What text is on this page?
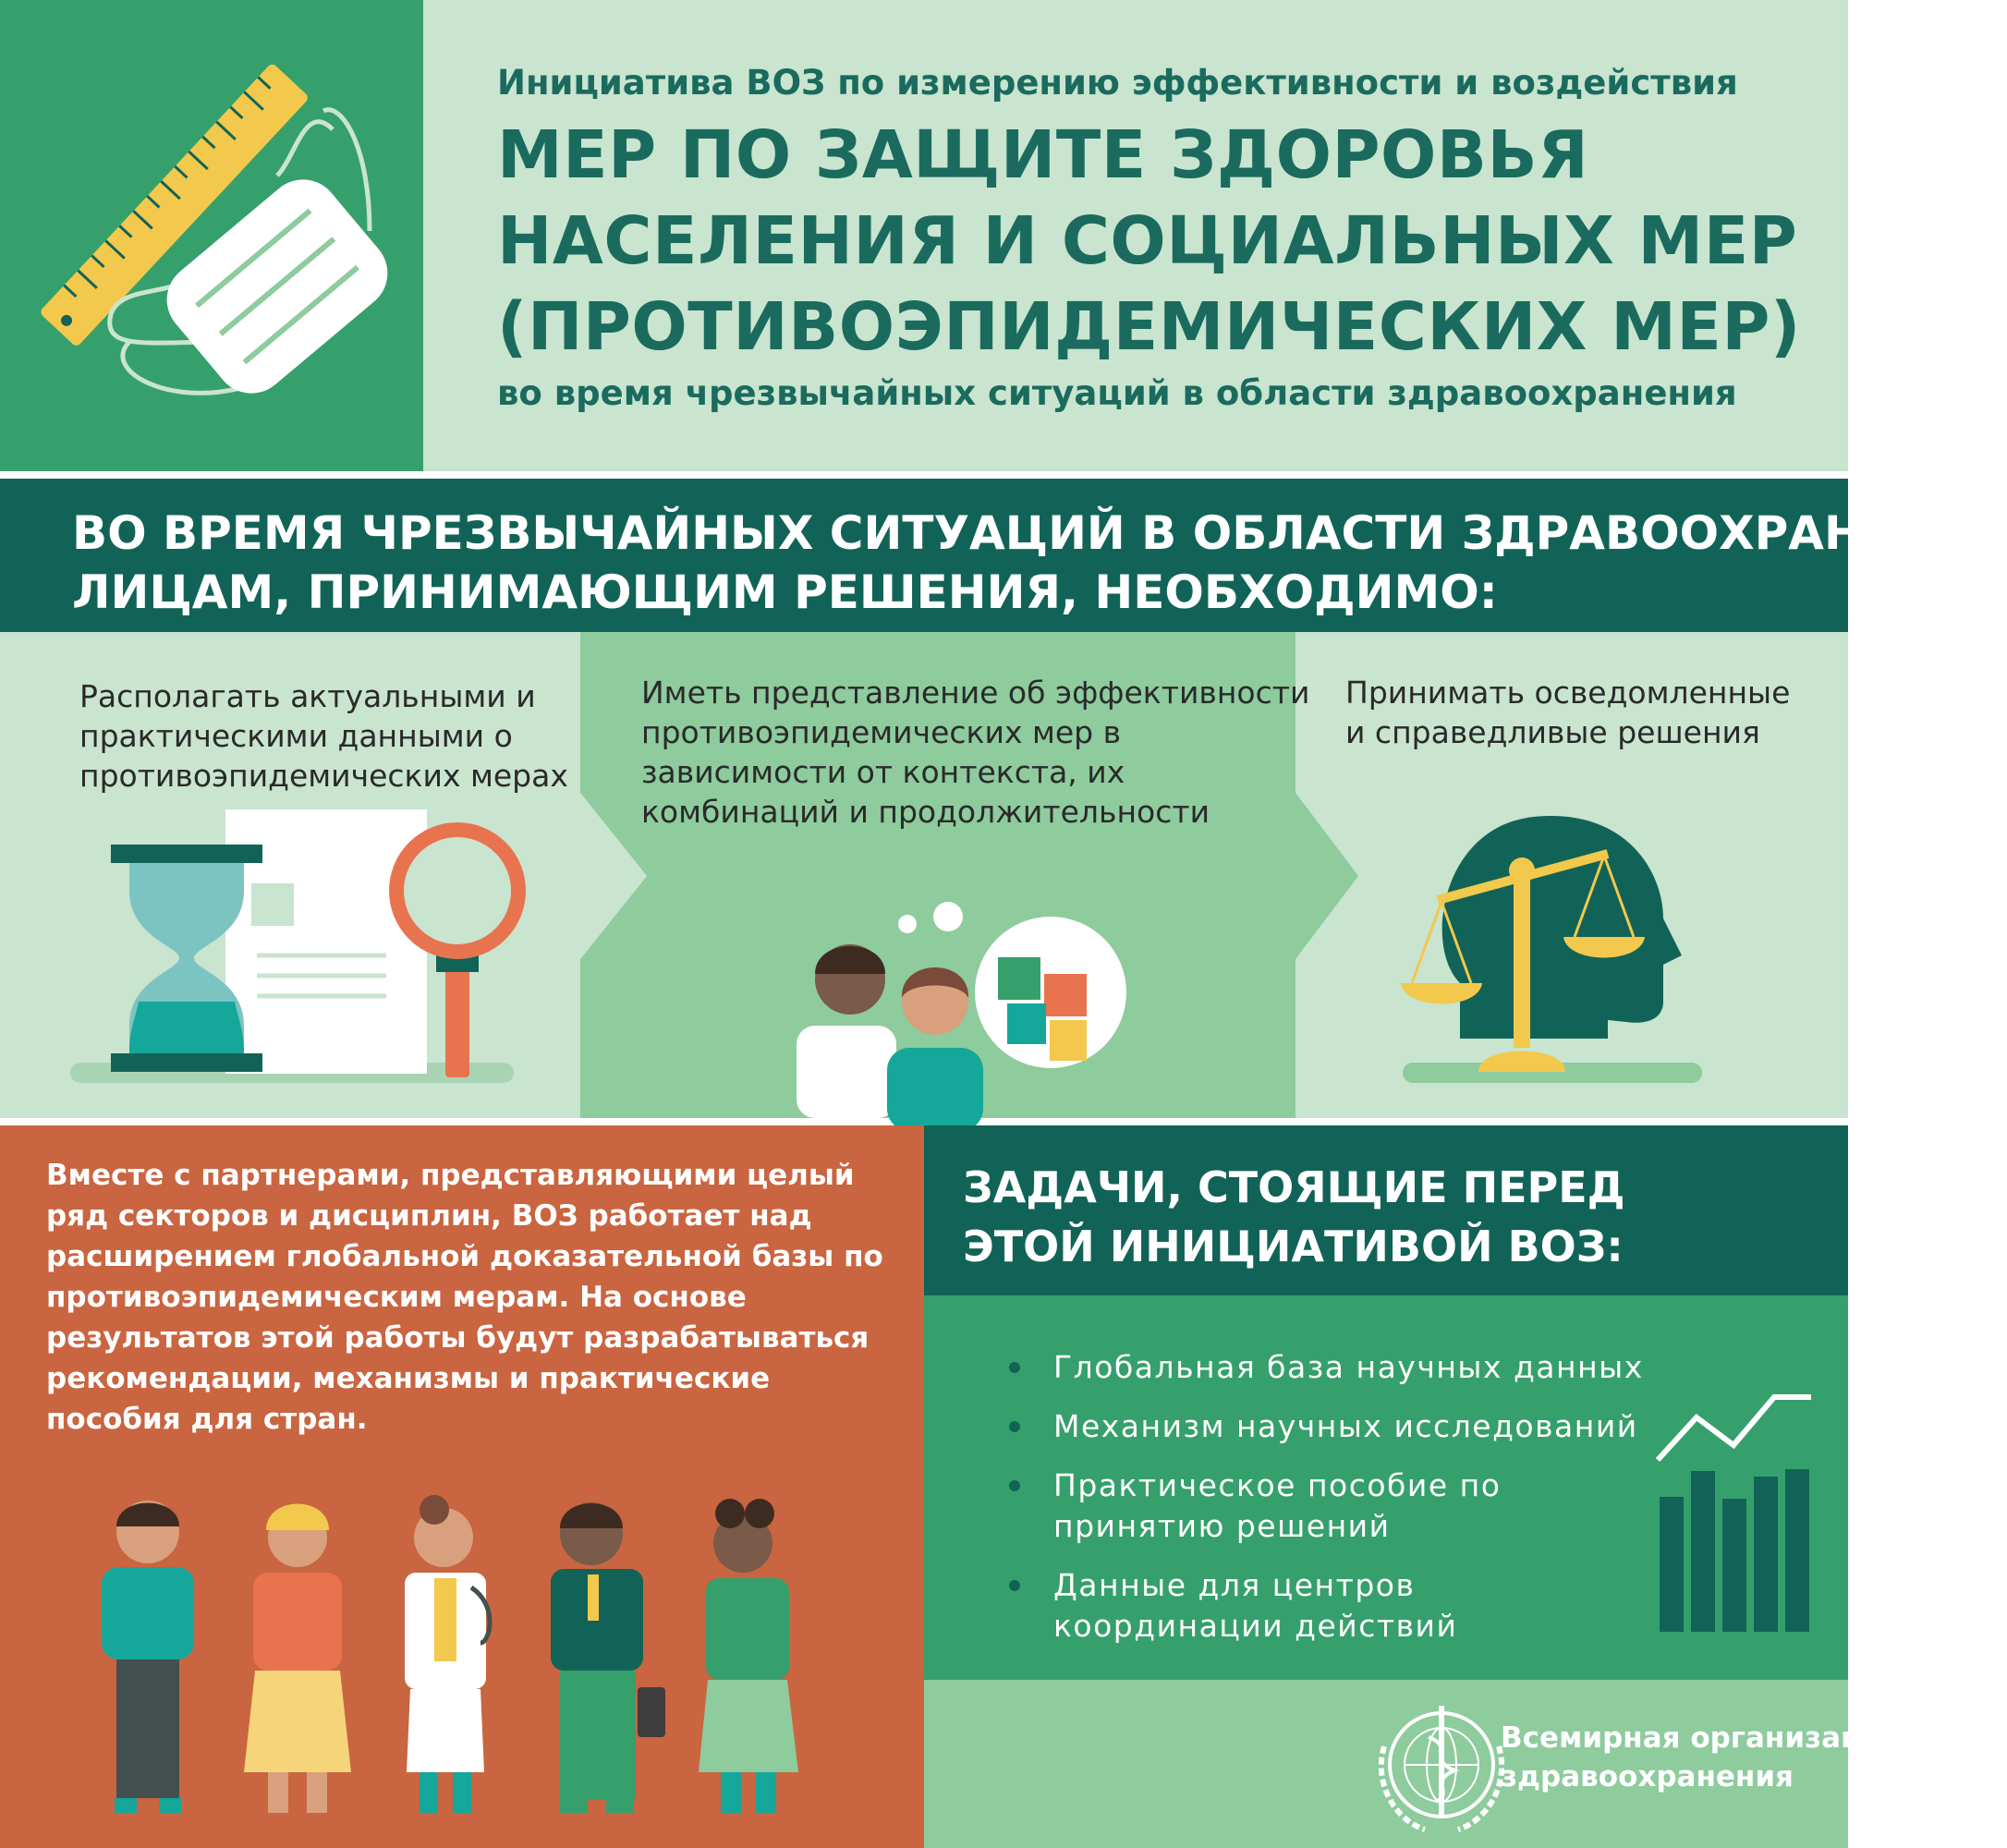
Инициатива ВОЗ по измерению эффективности и воздействия
МЕР ПО ЗАЩИТЕ ЗДОРОВЬЯ
НАСЕЛЕНИЯ И СОЦИАЛЬНЫХ МЕР
(ПРОТИВОЭПИДЕМИЧЕСКИХ МЕР)
во время чрезвычайных ситуаций в области здравоохранения
ВО ВРЕМЯ ЧРЕЗВЫЧАЙНЫХ СИТУАЦИЙ В ОБЛАСТИ ЗДРАВООХРАНЕНИЯ
ЛИЦАМ, ПРИНИМАЮЩИМ РЕШЕНИЯ, НЕОБХОДИМО:
Располагать актуальными и
практическими данными о
противоэпидемических мерах
Иметь представление об эффективности
противоэпидемических мер в
зависимости от контекста, их
комбинаций и продолжительности
Принимать осведомленные
и справедливые решения
Вместе с партнерами, представляющими целый
ряд секторов и дисциплин, ВОЗ работает над
расширением глобальной доказательной базы по
противоэпидемическим мерам. На основе
результатов этой работы будут разрабатываться
рекомендации, механизмы и практические
пособия для стран.
ЗАДАЧИ, СТОЯЩИЕ ПЕРЕД
ЭТОЙ ИНИЦИАТИВОЙ ВОЗ:
Глобальная база научных данных
Механизм научных исследований
Практическое пособие по
принятию решений
Данные для центров
координации действий
Всемирная организация
здравоохранения
